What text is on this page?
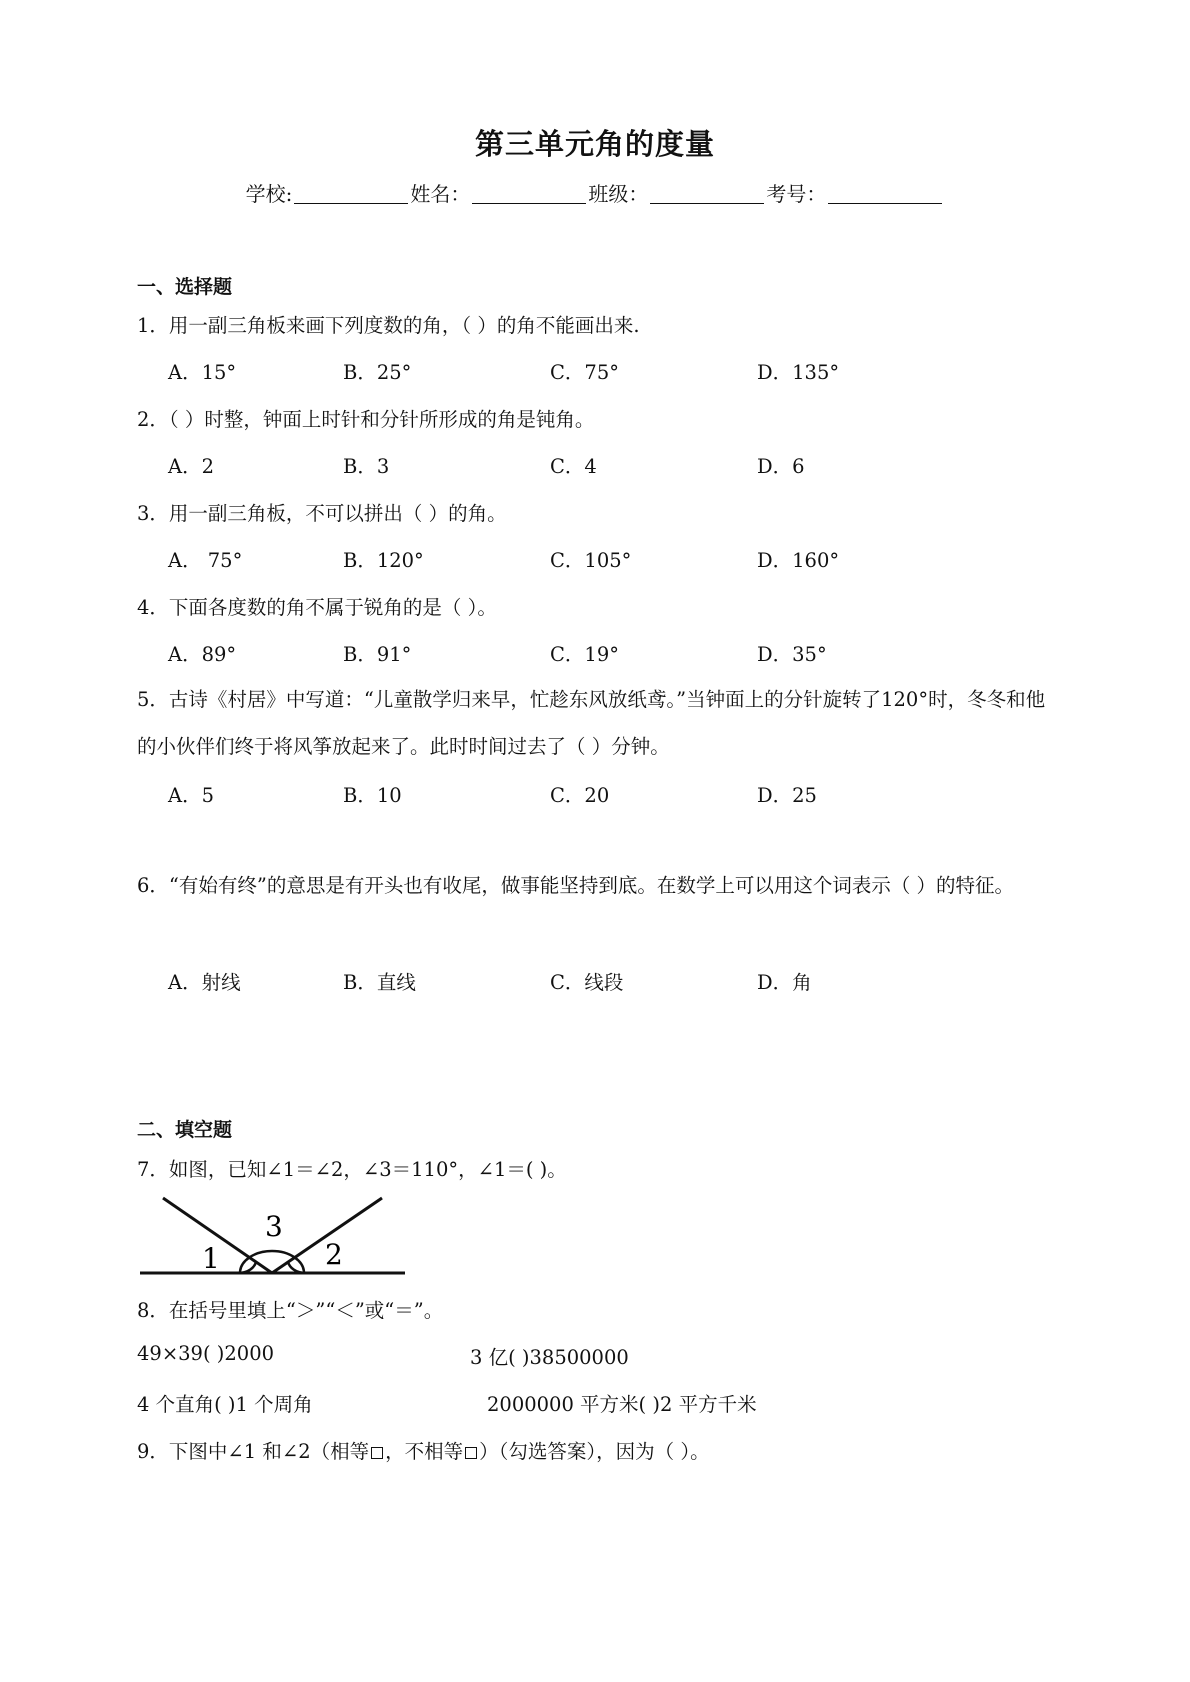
第三单元角的度量
学校:	姓名：	班级：	考号：
一、选择题
1．用一副三角板来画下列度数的角，（ ）的角不能画出来.
A．15°	B．25°	C．75°	D．135°
2．（ ）时整，钟面上时针和分针所形成的角是钝角。
A．2	B．3	C．4	D．6
3．用一副三角板，不可以拼出（ ）的角。
A． 75°	B．120°	C．105°	D．160°
4．下面各度数的角不属于锐角的是（ ）。
A．89°	B．91°	C．19°	D．35°
5．古诗《村居》中写道：“儿童散学归来早，忙趁东风放纸鸢。”当钟面上的分针旋转了120°时，冬冬和他的小伙伴们终于将风筝放起来了。此时时间过去了（ ）分钟。
A．5	B．10	C．20	D．25
6．“有始有终”的意思是有开头也有收尾，做事能坚持到底。在数学上可以用这个词表示（ ）的特征。
A．射线	B．直线	C．线段	D．角
二、填空题
7．如图，已知∠1＝∠2，∠3＝110°，∠1＝( )。
1	2
3
8．在括号里填上“＞”“＜”或“＝”。
49×39( )2000	3 亿( )38500000
4 个直角( )1 个周角	2000000 平方米( )2 平方千米
9．下图中∠1 和∠2（相等 ，不相等 ）（勾选答案），因为（ ）。
